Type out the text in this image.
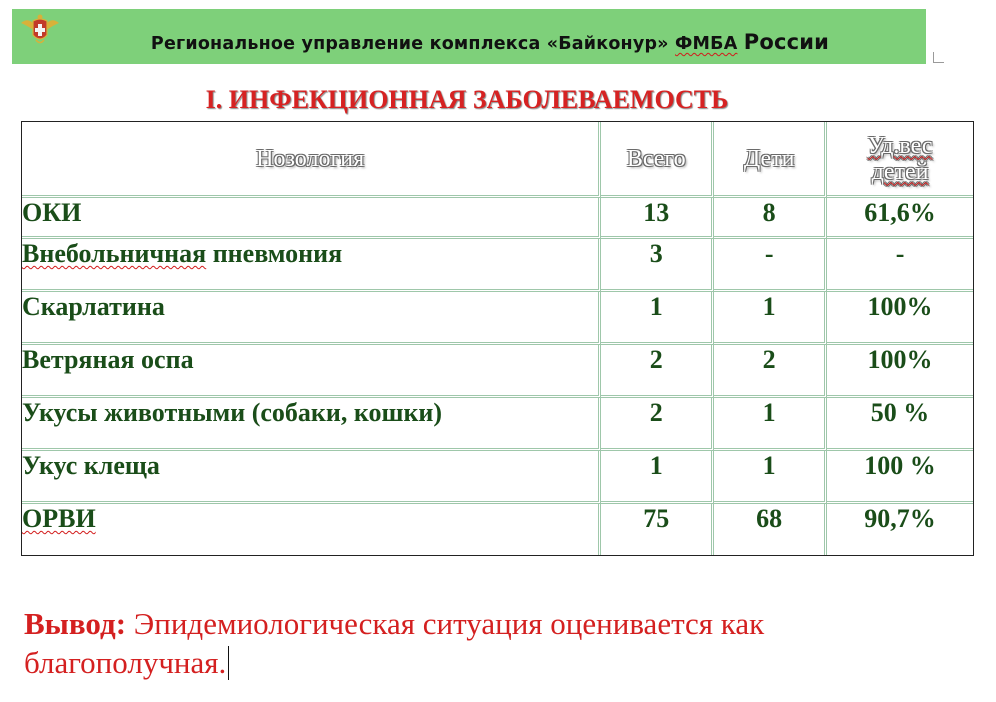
Региональное управление комплекса «Байконур» ФМБА России
I. ИНФЕКЦИОННАЯ ЗАБОЛЕВАЕМОСТЬ
Нозология	Всего	Дети	Уд.вес
детей
ОКИ	13	8	61,6%
Внебольничная пневмония	3	-	-
Скарлатина	1	1	100%
Ветряная оспа	2	2	100%
Укусы животными (собаки, кошки)	2	1	50 %
Укус клеща	1	1	100 %
ОРВИ	75	68	90,7%
Вывод: Эпидемиологическая ситуация оценивается как благополучная.
